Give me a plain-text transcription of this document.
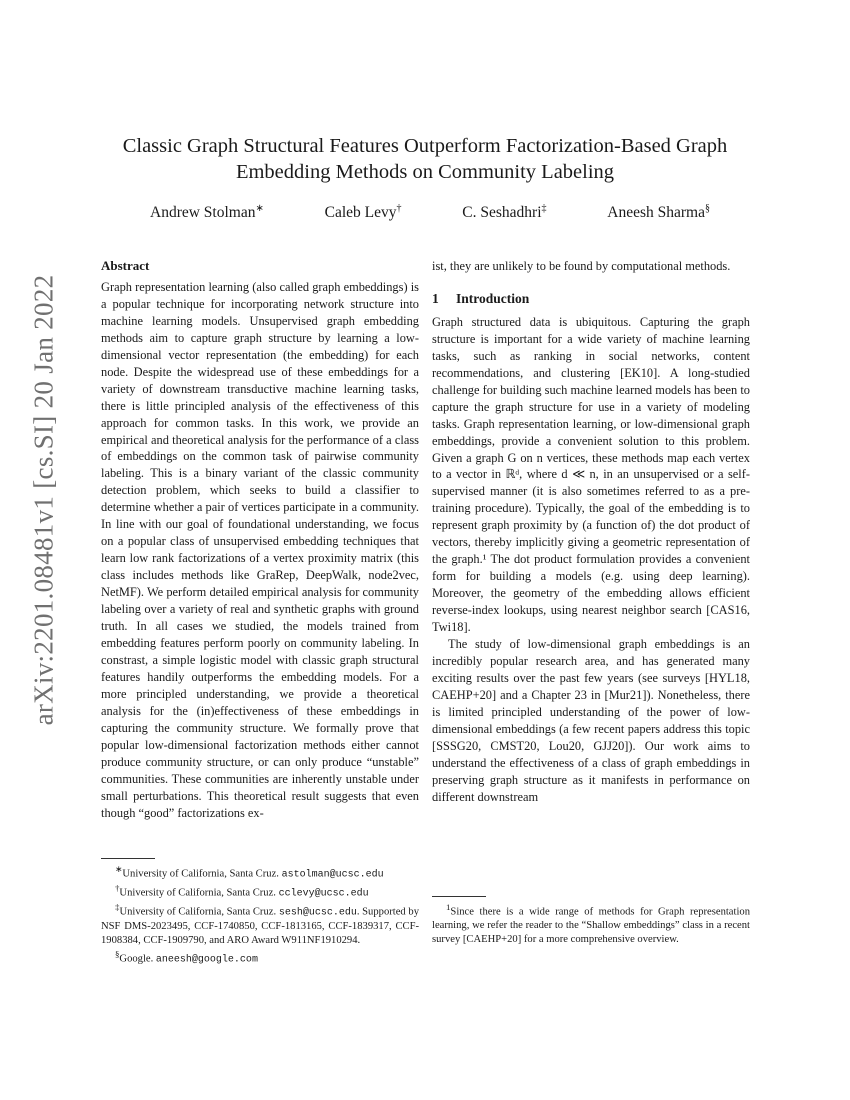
arXiv:2201.08481v1 [cs.SI] 20 Jan 2022
Classic Graph Structural Features Outperform Factorization-Based Graph
Embedding Methods on Community Labeling
Andrew Stolman∗	Caleb Levy†	C. Seshadhri‡	Aneesh Sharma§
Abstract

Graph representation learning (also called graph embeddings) is a popular technique for incorporating network structure into machine learning models. Unsupervised graph embedding methods aim to capture graph structure by learning a low-dimensional vector representation (the embedding) for each node. Despite the widespread use of these embeddings for a variety of downstream transductive machine learning tasks, there is little principled analysis of the effectiveness of this approach for common tasks. In this work, we provide an empirical and theoretical analysis for the performance of a class of embeddings on the common task of pairwise community labeling. This is a binary variant of the classic community detection problem, which seeks to build a classifier to determine whether a pair of vertices participate in a community. In line with our goal of foundational understanding, we focus on a popular class of unsupervised embedding techniques that learn low rank factorizations of a vertex proximity matrix (this class includes methods like GraRep, DeepWalk, node2vec, NetMF). We perform detailed empirical analysis for community labeling over a variety of real and synthetic graphs with ground truth. In all cases we studied, the models trained from embedding features perform poorly on community labeling. In constrast, a simple logistic model with classic graph structural features handily outperforms the embedding models. For a more principled understanding, we provide a theoretical analysis for the (in)effectiveness of these embeddings in capturing the community structure. We formally prove that popular low-dimensional factorization methods either cannot produce community structure, or can only produce “unstable” communities. These communities are inherently unstable under small perturbations. This theoretical result suggests that even though “good” factorizations ex-

ist, they are unlikely to be found by computational methods.

1 Introduction

Graph structured data is ubiquitous. Capturing the graph structure is important for a wide variety of machine learning tasks, such as ranking in social networks, content recommendations, and clustering [EK10]. A long-studied challenge for building such machine learned models has been to capture the graph structure for use in a variety of modeling tasks. Graph representation learning, or low-dimensional graph embeddings, provide a convenient solution to this problem. Given a graph G on n vertices, these methods map each vertex to a vector in ℝᵈ, where d ≪ n, in an unsupervised or a self-supervised manner (it is also sometimes referred to as a pre-training procedure). Typically, the goal of the embedding is to represent graph proximity by (a function of) the dot product of vectors, thereby implicitly giving a geometric representation of the graph.¹ The dot product formulation provides a convenient form for building a models (e.g. using deep learning). Moreover, the geometry of the embedding allows efficient reverse-index lookups, using nearest neighbor search [CAS16, Twi18].

The study of low-dimensional graph embeddings is an incredibly popular research area, and has generated many exciting results over the past few years (see surveys [HYL18, CAEHP+20] and a Chapter 23 in [Mur21]). Nonetheless, there is limited principled understanding of the power of low-dimensional embeddings (a few recent papers address this topic [SSSG20, CMST20, Lou20, GJJ20]). Our work aims to understand the effectiveness of a class of graph embeddings in preserving graph structure as it manifests in performance on different downstream

∗University of California, Santa Cruz. astolman@ucsc.edu
†University of California, Santa Cruz. cclevy@ucsc.edu
‡University of California, Santa Cruz. sesh@ucsc.edu. Supported by NSF DMS-2023495, CCF-1740850, CCF-1813165, CCF-1839317, CCF-1908384, CCF-1909790, and ARO Award W911NF1910294.
§Google. aneesh@google.com
$^1$Since there is a wide range of methods for Graph representation learning, we refer the reader to the “Shallow embeddings” class in a recent survey [CAEHP+20] for a more comprehensive overview.
